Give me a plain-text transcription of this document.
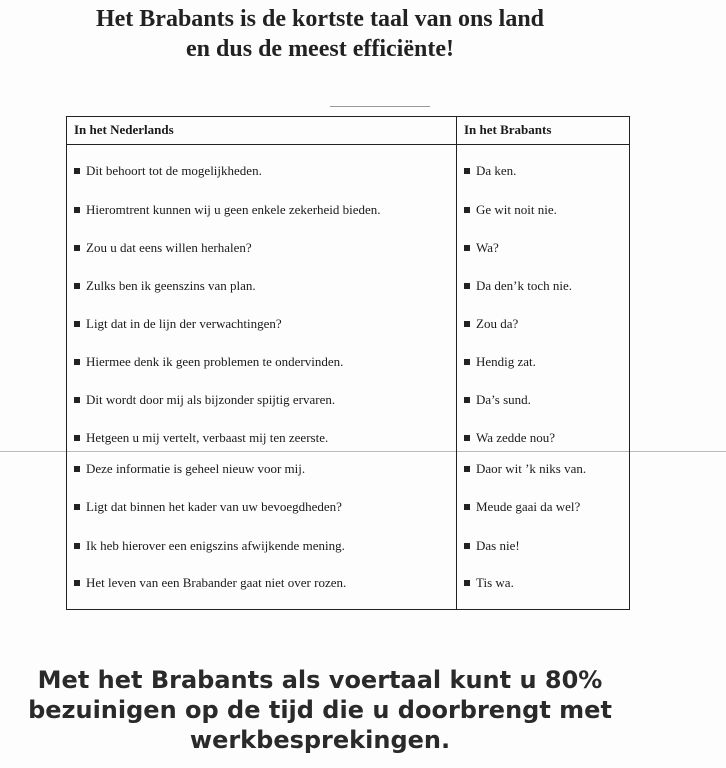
Het Brabants is de kortste taal van ons land
en dus de meest efficiënte!
In het Nederlands	In het Brabants
Dit behoort tot de mogelijkheden.	Da ken.
Hieromtrent kunnen wij u geen enkele zekerheid bieden.	Ge wit noit nie.
Zou u dat eens willen herhalen?	Wa?
Zulks ben ik geenszins van plan.	Da den’k toch nie.
Ligt dat in de lijn der verwachtingen?	Zou da?
Hiermee denk ik geen problemen te ondervinden.	Hendig zat.
Dit wordt door mij als bijzonder spijtig ervaren.	Da’s sund.
Hetgeen u mij vertelt, verbaast mij ten zeerste.	Wa zedde nou?
Deze informatie is geheel nieuw voor mij.	Daor wit ’k niks van.
Ligt dat binnen het kader van uw bevoegdheden?	Meude gaai da wel?
Ik heb hierover een enigszins afwijkende mening.	Das nie!
Het leven van een Brabander gaat niet over rozen.	Tis wa.
Met het Brabants als voertaal kunt u 80%
bezuinigen op de tijd die u doorbrengt met
werkbesprekingen.
